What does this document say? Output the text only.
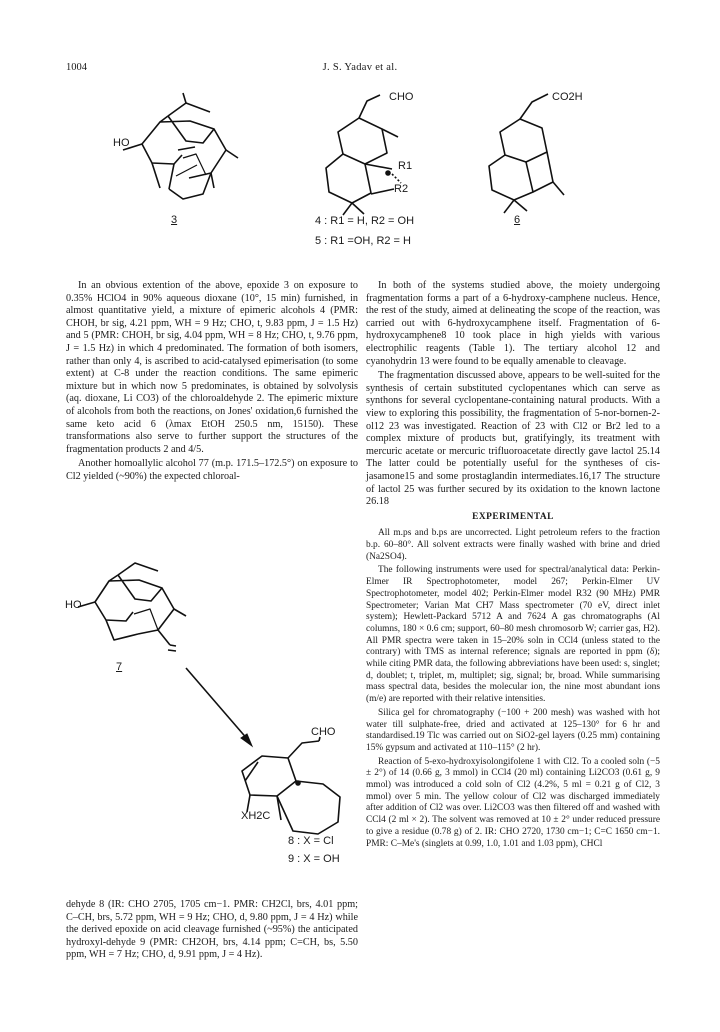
1004	J. S. Yadav et al.
HO
CHO
R1
R2
CO2H
3	4 : R1 = H, R2 = OH
5 : R1 =OH, R2 = H
6

In an obvious extention of the above, epoxide 3 on exposure to 0.35% HClO4 in 90% aqueous dioxane (10°, 15 min) furnished, in almost quantitative yield, a mixture of epimeric alcohols 4 (PMR: CHOH, br sig, 4.21 ppm, WH = 9 Hz; CHO, t, 9.83 ppm, J = 1.5 Hz) and 5 (PMR: CHOH, br sig, 4.04 ppm, WH = 8 Hz; CHO, t, 9.76 ppm, J = 1.5 Hz) in which 4 predominated. The formation of both isomers, rather than only 4, is ascribed to acid-catalysed epimerisation (to some extent) at C-8 under the reaction conditions. The same epimeric mixture but in which now 5 predominates, is obtained by solvolysis (aq. dioxane, Li CO3) of the chloroaldehyde 2. The epimeric mixture of alcohols from both the reactions, on Jones' oxidation,6 furnished the same keto acid 6 (λmax EtOH 250.5 nm, 15150). These transformations also serve to further support the structures of the fragmentation products 2 and 4/5.

Another homoallylic alcohol 77 (m.p. 171.5–172.5°) on exposure to Cl2 yielded (~90%) the expected chloroal-

HO
7
CHO
XH2C
8 : X = Cl
9 : X = OH

dehyde 8 (IR: CHO 2705, 1705 cm−1. PMR: CH2Cl, brs, 4.01 ppm; C–CH, brs, 5.72 ppm, WH = 9 Hz; CHO, d, 9.80 ppm, J = 4 Hz) while the derived epoxide on acid cleavage furnished (~95%) the anticipated hydroxyl-dehyde 9 (PMR: CH2OH, brs, 4.14 ppm; C=CH, bs, 5.50 ppm, WH = 7 Hz; CHO, d, 9.91 ppm, J = 4 Hz).

In both of the systems studied above, the moiety undergoing fragmentation forms a part of a 6-hydroxy-camphene nucleus. Hence, the rest of the study, aimed at delineating the scope of the reaction, was carried out with 6-hydroxycamphene itself. Fragmentation of 6-hydroxycamphene8 10 took place in high yields with various electrophilic reagents (Table 1). The tertiary alcohol 12 and cyanohydrin 13 were found to be equally amenable to cleavage.

The fragmentation discussed above, appears to be well-suited for the synthesis of certain substituted cyclopentanes which can serve as synthons for several cyclopentane-containing natural products. With a view to exploring this possibility, the fragmentation of 5-nor-bornen-2-ol12 23 was investigated. Reaction of 23 with Cl2 or Br2 led to a complex mixture of products but, gratifyingly, its treatment with mercuric acetate or mercuric trifluoroacetate directly gave lactol 25.14 The latter could be potentially useful for the syntheses of cis-jasamone15 and some prostaglandin intermediates.16,17 The structure of lactol 25 was further secured by its oxidation to the known lactone 26.18

EXPERIMENTAL

All m.ps and b.ps are uncorrected. Light petroleum refers to the fraction b.p. 60–80°. All solvent extracts were finally washed with brine and dried (Na2SO4).

The following instruments were used for spectral/analytical data: Perkin-Elmer IR Spectrophotometer, model 267; Perkin-Elmer UV Spectrophotometer, model 402; Perkin-Elmer model R32 (90 MHz) PMR Spectrometer; Varian Mat CH7 Mass spectrometer (70 eV, direct inlet system); Hewlett-Packard 5712 A and 7624 A gas chromatographs (Al columns, 180 × 0.6 cm; support, 60–80 mesh chromosorb W; carrier gas, H2). All PMR spectra were taken in 15–20% soln in CCl4 (unless stated to the contrary) with TMS as internal reference; signals are reported in ppm (δ); while citing PMR data, the following abbreviations have been used: s, singlet; d, doublet; t, triplet, m, multiplet; sig, signal; br, broad. While summarising mass spectral data, besides the molecular ion, the nine most abundant ions (m/e) are reported with their relative intensities.

Silica gel for chromatography (−100 + 200 mesh) was washed with hot water till sulphate-free, dried and activated at 125–130° for 6 hr and standardised.19 Tlc was carried out on SiO2-gel layers (0.25 mm) containing 15% gypsum and activated at 110–115° (2 hr).

Reaction of 5-exo-hydroxyisolongifolene 1 with Cl2. To a cooled soln (−5 ± 2°) of 14 (0.66 g, 3 mmol) in CCl4 (20 ml) containing Li2CO3 (0.61 g, 9 mmol) was introduced a cold soln of Cl2 (4.2%, 5 ml = 0.21 g of Cl2, 3 mmol) over 5 min. The yellow colour of Cl2 was discharged immediately after addition of Cl2 was over. Li2CO3 was then filtered off and washed with CCl4 (2 ml × 2). The solvent was removed at 10 ± 2° under reduced pressure to give a residue (0.78 g) of 2. IR: CHO 2720, 1730 cm−1; C=C 1650 cm−1. PMR: C–Me's (singlets at 0.99, 1.0, 1.01 and 1.03 ppm), CHCl
